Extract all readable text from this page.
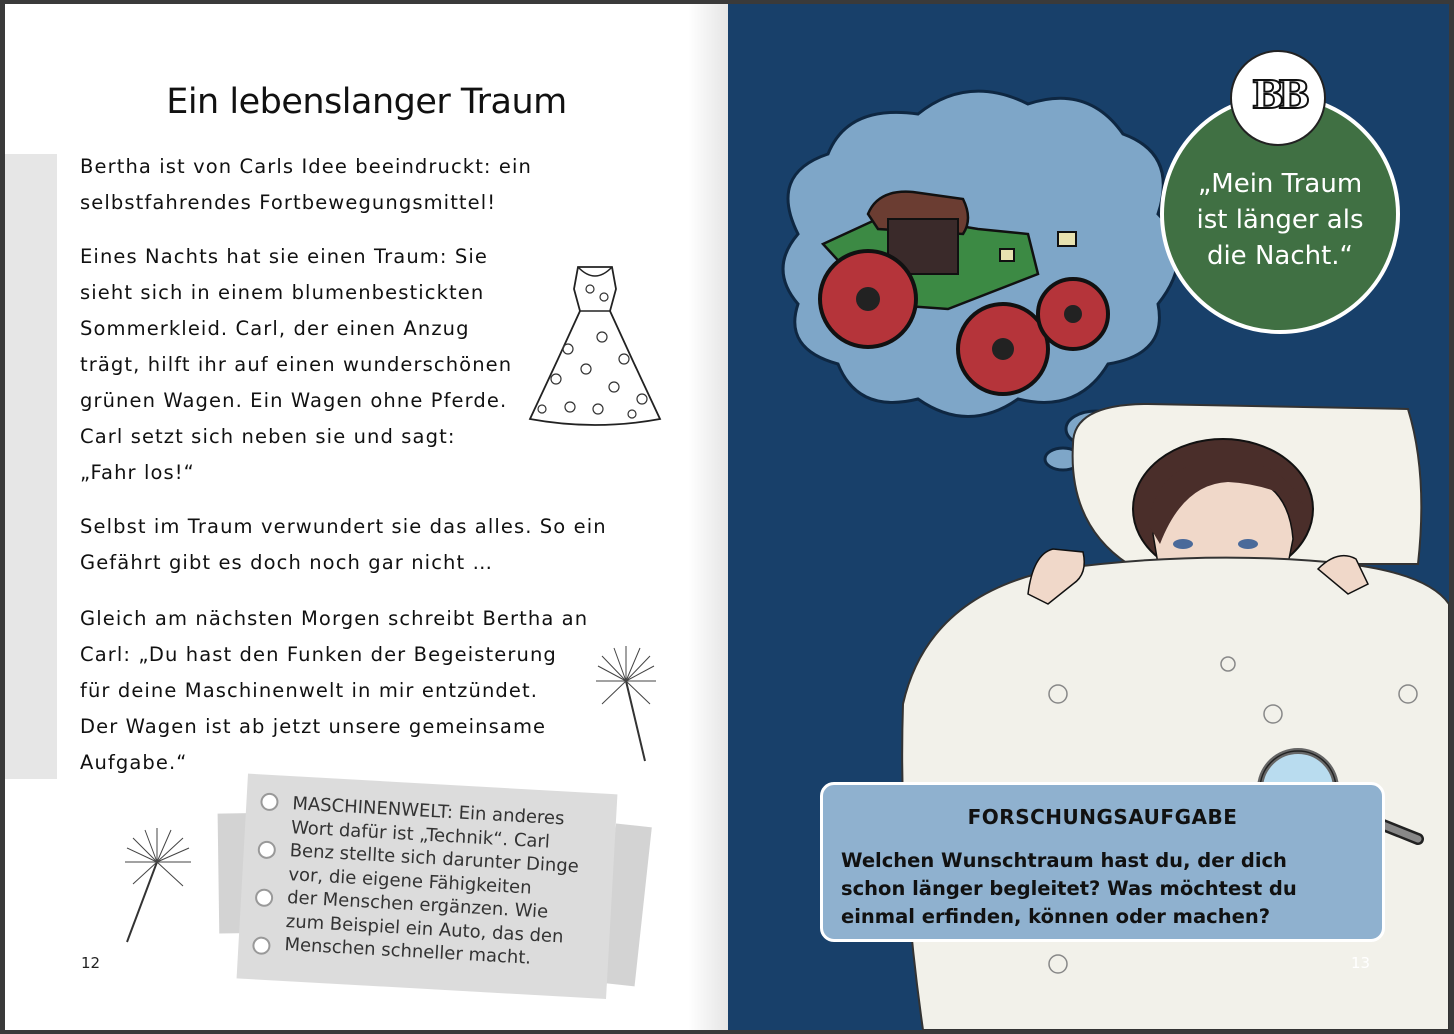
Ein lebenslanger Traum
Bertha ist von Carls Idee beeindruckt: ein
selbstfahrendes Fortbewegungsmittel!
Eines Nachts hat sie einen Traum: Sie
sieht sich in einem blumenbestickten
Sommerkleid. Carl, der einen Anzug
trägt, hilft ihr auf einen wunderschönen
grünen Wagen. Ein Wagen ohne Pferde.
Carl setzt sich neben sie und sagt:
„Fahr los!“
Selbst im Traum verwundert sie das alles. So ein
Gefährt gibt es doch noch gar nicht …
Gleich am nächsten Morgen schreibt Bertha an
Carl: „Du hast den Funken der Begeisterung
für deine Maschinenwelt in mir entzündet.
Der Wagen ist ab jetzt unsere gemeinsame
Aufgabe.“
MASCHINENWELT: Ein anderes
Wort dafür ist „Technik“. Carl
Benz stellte sich darunter Dinge
vor, die eigene Fähigkeiten
der Menschen ergänzen. Wie
zum Beispiel ein Auto, das den
Menschen schneller macht.
12
„Mein Traum
ist länger als
die Nacht.“
BB
FORSCHUNGSAUFGABE
Welchen Wunschtraum hast du, der dich
schon länger begleitet? Was möchtest du
einmal erfinden, können oder machen?
13
